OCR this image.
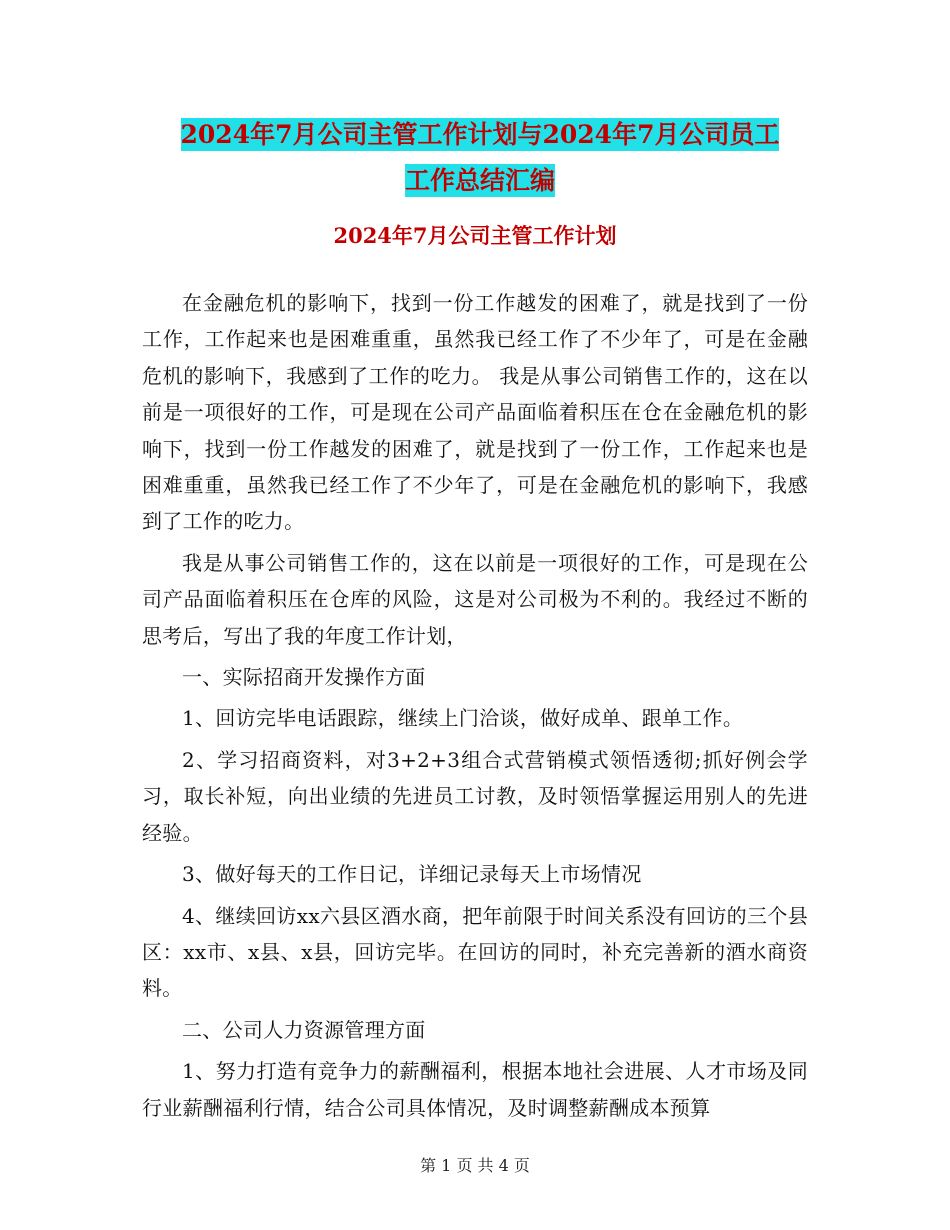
2024年7月公司主管工作计划与2024年7月公司员工
工作总结汇编
2024年7月公司主管工作计划

在金融危机的影响下，找到一份工作越发的困难了，就是找到了一份工作，工作起来也是困难重重，虽然我已经工作了不少年了，可是在金融危机的影响下，我感到了工作的吃力。 我是从事公司销售工作的，这在以前是一项很好的工作，可是现在公司产品面临着积压在仓在金融危机的影响下，找到一份工作越发的困难了，就是找到了一份工作，工作起来也是困难重重，虽然我已经工作了不少年了，可是在金融危机的影响下，我感到了工作的吃力。

我是从事公司销售工作的，这在以前是一项很好的工作，可是现在公司产品面临着积压在仓库的风险，这是对公司极为不利的。我经过不断的思考后，写出了我的年度工作计划，

一、实际招商开发操作方面

1、回访完毕电话跟踪，继续上门洽谈，做好成单、跟单工作。

2、学习招商资料，对3+2+3组合式营销模式领悟透彻;抓好例会学习，取长补短，向出业绩的先进员工讨教，及时领悟掌握运用别人的先进经验。

3、做好每天的工作日记，详细记录每天上市场情况

4、继续回访xx六县区酒水商，把年前限于时间关系没有回访的三个县区：xx市、x县、x县，回访完毕。在回访的同时，补充完善新的酒水商资料。

二、公司人力资源管理方面

1、努力打造有竞争力的薪酬福利，根据本地社会进展、人才市场及同行业薪酬福利行情，结合公司具体情况，及时调整薪酬成本预算

第 1 页 共 4 页
